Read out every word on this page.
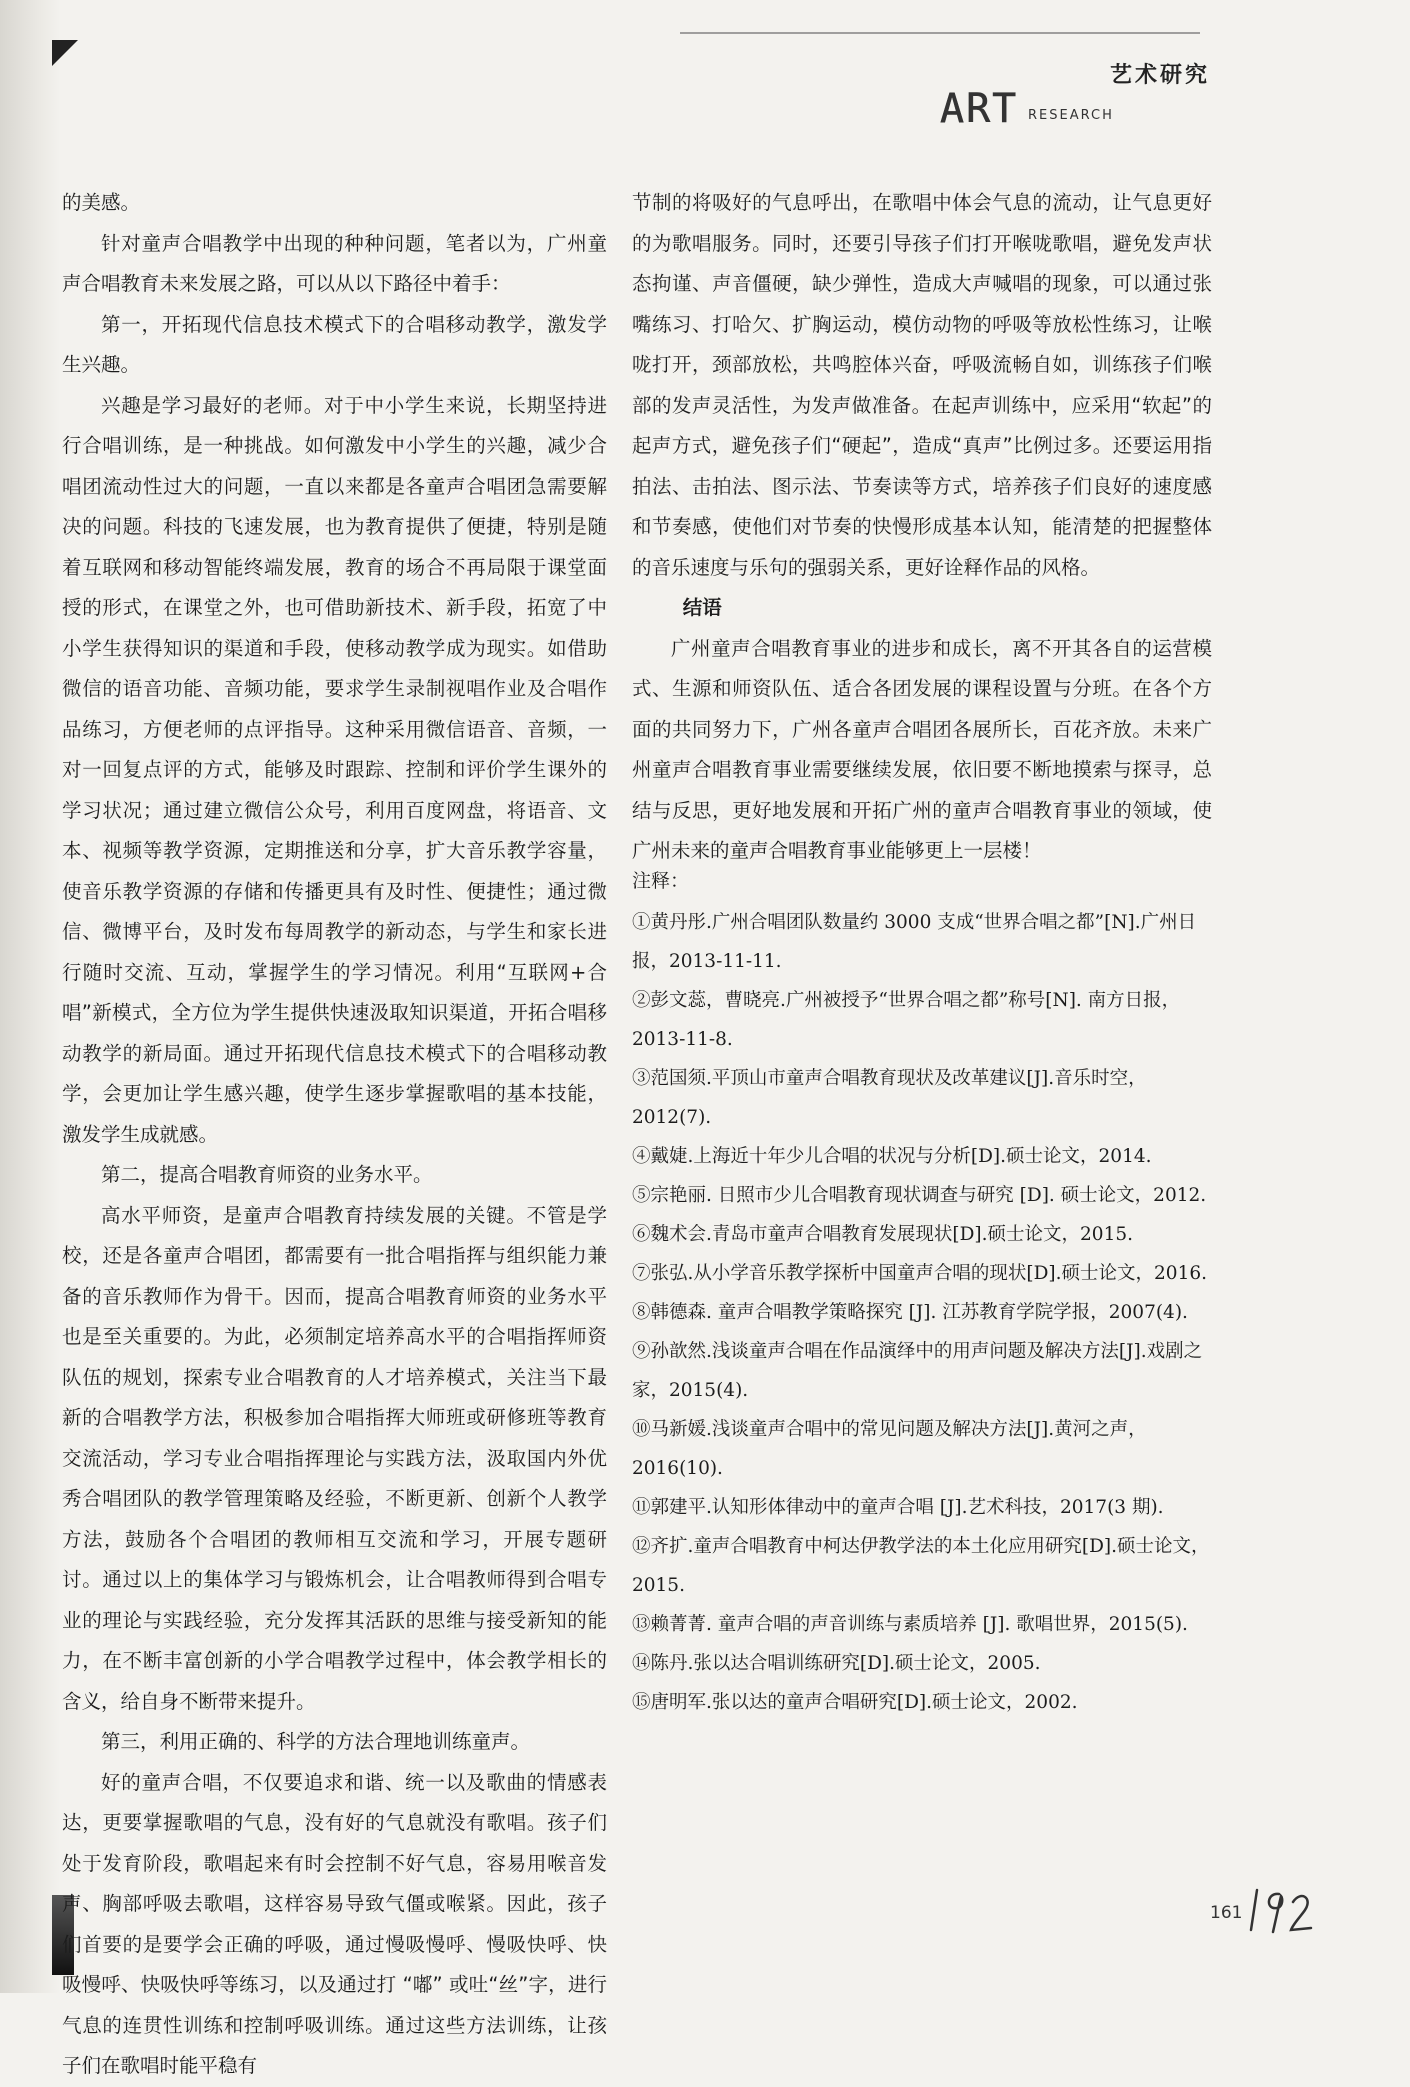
艺术研究
ART RESEARCH

的美感。

针对童声合唱教学中出现的种种问题，笔者以为，广州童声合唱教育未来发展之路，可以从以下路径中着手：

第一，开拓现代信息技术模式下的合唱移动教学，激发学生兴趣。

兴趣是学习最好的老师。对于中小学生来说，长期坚持进行合唱训练，是一种挑战。如何激发中小学生的兴趣，减少合唱团流动性过大的问题，一直以来都是各童声合唱团急需要解决的问题。科技的飞速发展，也为教育提供了便捷，特别是随着互联网和移动智能终端发展，教育的场合不再局限于课堂面授的形式，在课堂之外，也可借助新技术、新手段，拓宽了中小学生获得知识的渠道和手段，使移动教学成为现实。如借助微信的语音功能、音频功能，要求学生录制视唱作业及合唱作品练习，方便老师的点评指导。这种采用微信语音、音频，一对一回复点评的方式，能够及时跟踪、控制和评价学生课外的学习状况；通过建立微信公众号，利用百度网盘，将语音、文本、视频等教学资源，定期推送和分享，扩大音乐教学容量，使音乐教学资源的存储和传播更具有及时性、便捷性；通过微信、微博平台，及时发布每周教学的新动态，与学生和家长进行随时交流、互动，掌握学生的学习情况。利用“互联网+合唱”新模式，全方位为学生提供快速汲取知识渠道，开拓合唱移动教学的新局面。通过开拓现代信息技术模式下的合唱移动教学，会更加让学生感兴趣，使学生逐步掌握歌唱的基本技能，激发学生成就感。

第二，提高合唱教育师资的业务水平。

高水平师资，是童声合唱教育持续发展的关键。不管是学校，还是各童声合唱团，都需要有一批合唱指挥与组织能力兼备的音乐教师作为骨干。因而，提高合唱教育师资的业务水平也是至关重要的。为此，必须制定培养高水平的合唱指挥师资队伍的规划，探索专业合唱教育的人才培养模式，关注当下最新的合唱教学方法，积极参加合唱指挥大师班或研修班等教育交流活动，学习专业合唱指挥理论与实践方法，汲取国内外优秀合唱团队的教学管理策略及经验，不断更新、创新个人教学方法，鼓励各个合唱团的教师相互交流和学习，开展专题研讨。通过以上的集体学习与锻炼机会，让合唱教师得到合唱专业的理论与实践经验，充分发挥其活跃的思维与接受新知的能力，在不断丰富创新的小学合唱教学过程中，体会教学相长的含义，给自身不断带来提升。

第三，利用正确的、科学的方法合理地训练童声。

好的童声合唱，不仅要追求和谐、统一以及歌曲的情感表达，更要掌握歌唱的气息，没有好的气息就没有歌唱。孩子们处于发育阶段，歌唱起来有时会控制不好气息，容易用喉音发声、胸部呼吸去歌唱，这样容易导致气僵或喉紧。因此，孩子们首要的是要学会正确的呼吸，通过慢吸慢呼、慢吸快呼、快吸慢呼、快吸快呼等练习，以及通过打 “嘟” 或吐“丝”字，进行气息的连贯性训练和控制呼吸训练。通过这些方法训练，让孩子们在歌唱时能平稳有

节制的将吸好的气息呼出，在歌唱中体会气息的流动，让气息更好的为歌唱服务。同时，还要引导孩子们打开喉咙歌唱，避免发声状态拘谨、声音僵硬，缺少弹性，造成大声喊唱的现象，可以通过张嘴练习、打哈欠、扩胸运动，模仿动物的呼吸等放松性练习，让喉咙打开，颈部放松，共鸣腔体兴奋，呼吸流畅自如，训练孩子们喉部的发声灵活性，为发声做准备。在起声训练中，应采用“软起”的起声方式，避免孩子们“硬起”，造成“真声”比例过多。还要运用指拍法、击拍法、图示法、节奏读等方式，培养孩子们良好的速度感和节奏感，使他们对节奏的快慢形成基本认知，能清楚的把握整体的音乐速度与乐句的强弱关系，更好诠释作品的风格。

结语

广州童声合唱教育事业的进步和成长，离不开其各自的运营模式、生源和师资队伍、适合各团发展的课程设置与分班。在各个方面的共同努力下，广州各童声合唱团各展所长，百花齐放。未来广州童声合唱教育事业需要继续发展，依旧要不断地摸索与探寻，总结与反思，更好地发展和开拓广州的童声合唱教育事业的领域，使广州未来的童声合唱教育事业能够更上一层楼！

注释：

①黄丹彤.广州合唱团队数量约 3000 支成“世界合唱之都”[N].广州日报，2013-11-11.

②彭文蕊，曹晓亮.广州被授予“世界合唱之都”称号[N]. 南方日报，2013-11-8.

③范国须.平顶山市童声合唱教育现状及改革建议[J].音乐时空，2012(7).

④戴婕.上海近十年少儿合唱的状况与分析[D].硕士论文，2014.

⑤宗艳丽. 日照市少儿合唱教育现状调查与研究 [D]. 硕士论文，2012.

⑥魏术会.青岛市童声合唱教育发展现状[D].硕士论文，2015.

⑦张弘.从小学音乐教学探析中国童声合唱的现状[D].硕士论文，2016.

⑧韩德森. 童声合唱教学策略探究 [J]. 江苏教育学院学报，2007(4).

⑨孙歆然.浅谈童声合唱在作品演绎中的用声问题及解决方法[J].戏剧之家，2015(4).

⑩马新媛.浅谈童声合唱中的常见问题及解决方法[J].黄河之声，2016(10).

⑪郭建平.认知形体律动中的童声合唱 [J].艺术科技，2017(3 期).

⑫齐扩.童声合唱教育中柯达伊教学法的本土化应用研究[D].硕士论文，2015.

⑬赖菁菁. 童声合唱的声音训练与素质培养 [J]. 歌唱世界，2015(5).

⑭陈丹.张以达合唱训练研究[D].硕士论文，2005.

⑮唐明军.张以达的童声合唱研究[D].硕士论文，2002.

161
